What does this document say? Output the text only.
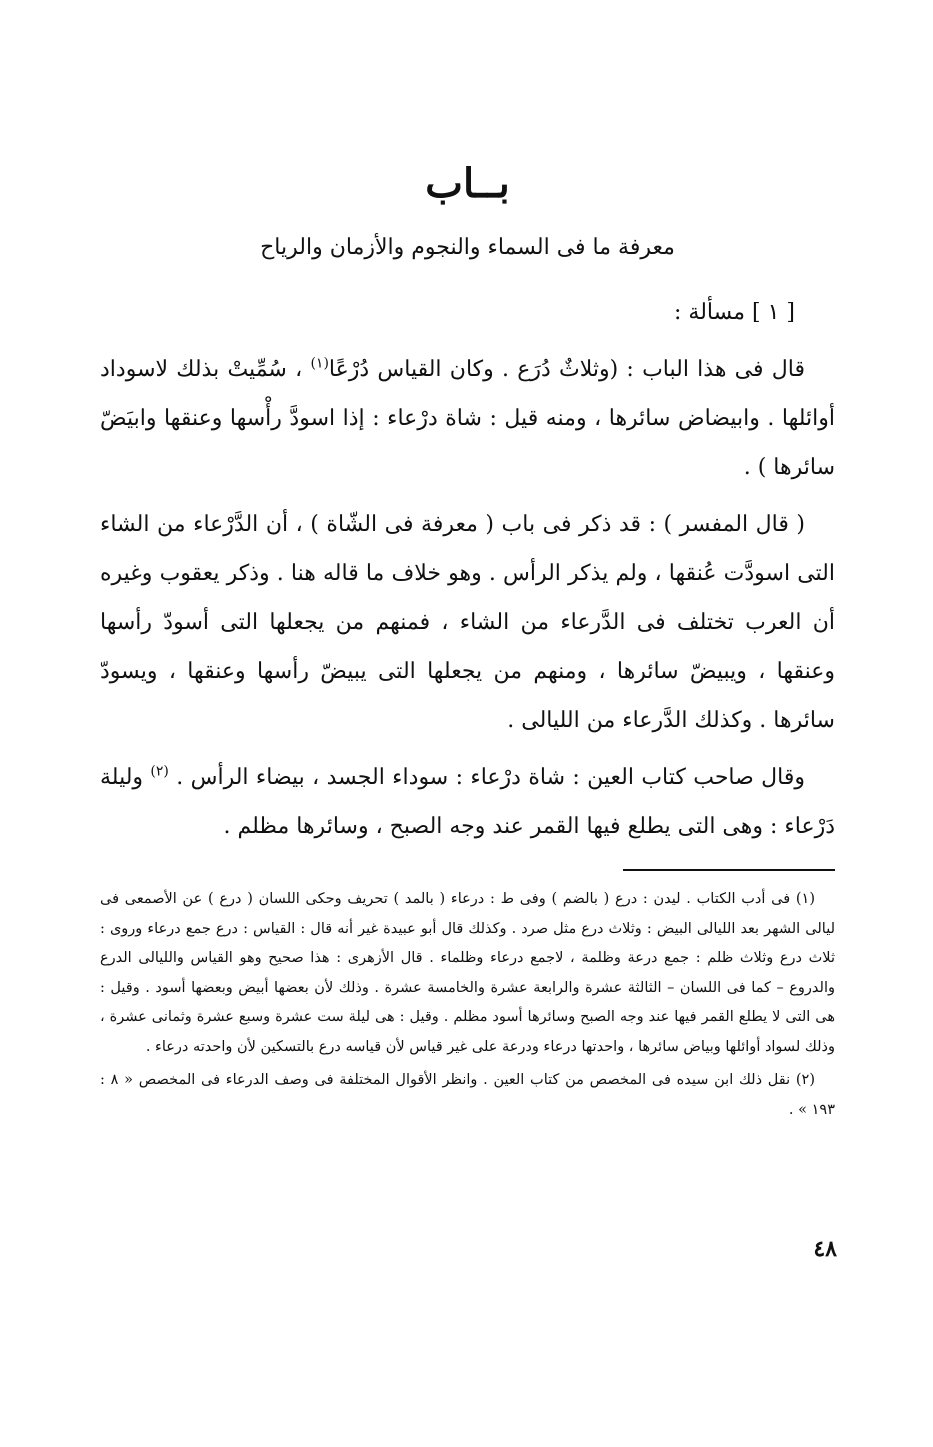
بــاب
معرفة ما فى السماء والنجوم والأزمان والرياح
[ ١ ] مسألة :

قال فى هذا الباب : (وثلاثٌ دُرَع . وكان القياس دُرْعًا$^{(١)}$ ، سُمِّيتْ بذلك لاسوداد أوائلها . وابيضاض سائرها ، ومنه قيل : شاة درْعاء : إذا اسودَّ رأْسها وعنقها وابيَضّ سائرها ) .

( قال المفسر ) : قد ذكر فى باب ( معرفة فى الشّاة ) ، أن الدَّرْعاء من الشاء التى اسودَّت عُنقها ، ولم يذكر الرأس . وهو خلاف ما قاله هنا . وذكر يعقوب وغيره أن العرب تختلف فى الدَّرعاء من الشاء ، فمنهم من يجعلها التى أسودّ رأسها وعنقها ، ويبيضّ سائرها ، ومنهم من يجعلها التى يبيضّ رأسها وعنقها ، ويسودّ سائرها . وكذلك الدَّرعاء من الليالى .

وقال صاحب كتاب العين : شاة درْعاء : سوداء الجسد ، بيضاء الرأس . $^{(٢)}$ وليلة دَرْعاء : وهى التى يطلع فيها القمر عند وجه الصبح ، وسائرها مظلم .

(١) فى أدب الكتاب . ليدن : درع ( بالضم ) وفى ط : درعاء ( بالمد ) تحريف وحكى اللسان ( درع ) عن الأصمعى فى ليالى الشهر بعد الليالى البيض : وثلاث درع مثل صرد . وكذلك قال أبو عبيدة غير أنه قال : القياس : درع جمع درعاء وروى : ثلاث درع وثلاث ظلم : جمع درعة وظلمة ، لاجمع درعاء وظلماء . قال الأزهرى : هذا صحيح وهو القياس والليالى الدرع والدروع – كما فى اللسان – الثالثة عشرة والرابعة عشرة والخامسة عشرة . وذلك لأن بعضها أبيض وبعضها أسود . وقيل : هى التى لا يطلع القمر فيها عند وجه الصبح وسائرها أسود مظلم . وقيل : هى ليلة ست عشرة وسبع عشرة وثمانى عشرة ، وذلك لسواد أوائلها وبياض سائرها ، واحدتها درعاء ودرعة على غير قياس لأن قياسه درع بالتسكين لأن واحدته درعاء .

(٢) نقل ذلك ابن سيده فى المخصص من كتاب العين . وانظر الأقوال المختلفة فى وصف الدرعاء فى المخصص « ٨ : ١٩٣ » .

٤٨
